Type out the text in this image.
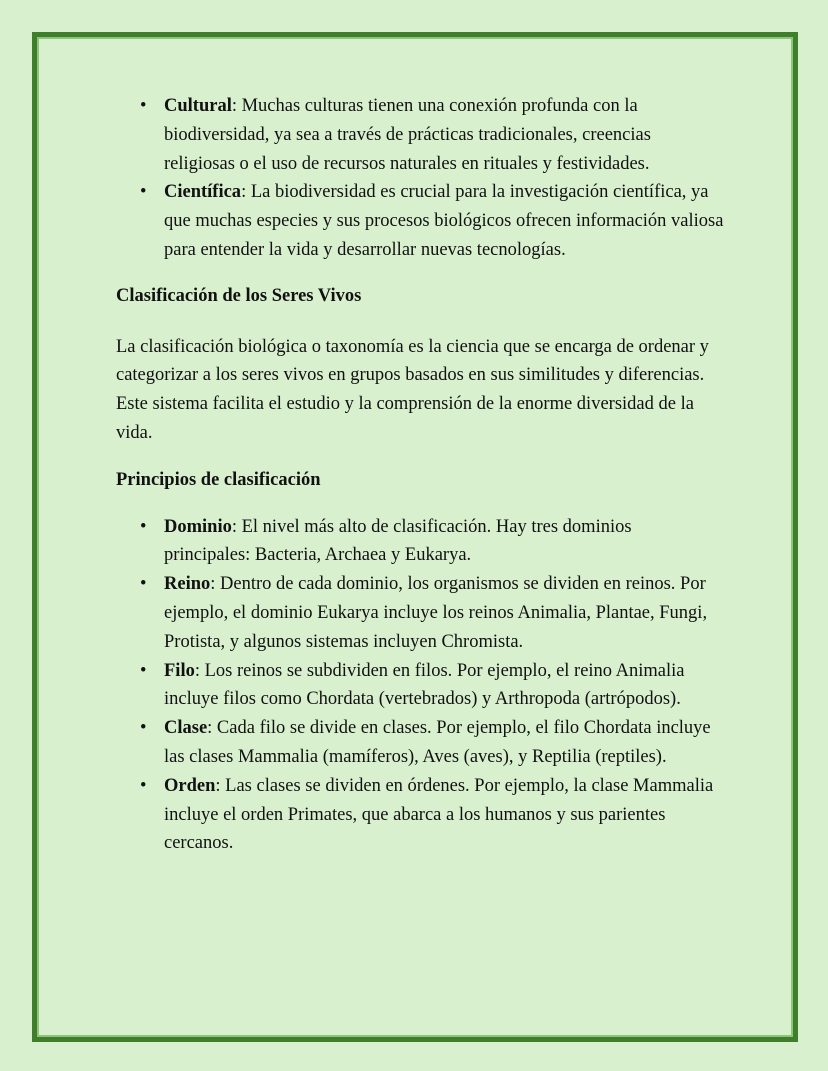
• Cultural: Muchas culturas tienen una conexión profunda con la biodiversidad, ya sea a través de prácticas tradicionales, creencias religiosas o el uso de recursos naturales en rituales y festividades.
• Científica: La biodiversidad es crucial para la investigación científica, ya que muchas especies y sus procesos biológicos ofrecen información valiosa para entender la vida y desarrollar nuevas tecnologías.
Clasificación de los Seres Vivos

La clasificación biológica o taxonomía es la ciencia que se encarga de ordenar y categorizar a los seres vivos en grupos basados en sus similitudes y diferencias. Este sistema facilita el estudio y la comprensión de la enorme diversidad de la vida.

Principios de clasificación
• Dominio: El nivel más alto de clasificación. Hay tres dominios principales: Bacteria, Archaea y Eukarya.
• Reino: Dentro de cada dominio, los organismos se dividen en reinos. Por ejemplo, el dominio Eukarya incluye los reinos Animalia, Plantae, Fungi, Protista, y algunos sistemas incluyen Chromista.
• Filo: Los reinos se subdividen en filos. Por ejemplo, el reino Animalia incluye filos como Chordata (vertebrados) y Arthropoda (artrópodos).
• Clase: Cada filo se divide en clases. Por ejemplo, el filo Chordata incluye las clases Mammalia (mamíferos), Aves (aves), y Reptilia (reptiles).
• Orden: Las clases se dividen en órdenes. Por ejemplo, la clase Mammalia incluye el orden Primates, que abarca a los humanos y sus parientes cercanos.
